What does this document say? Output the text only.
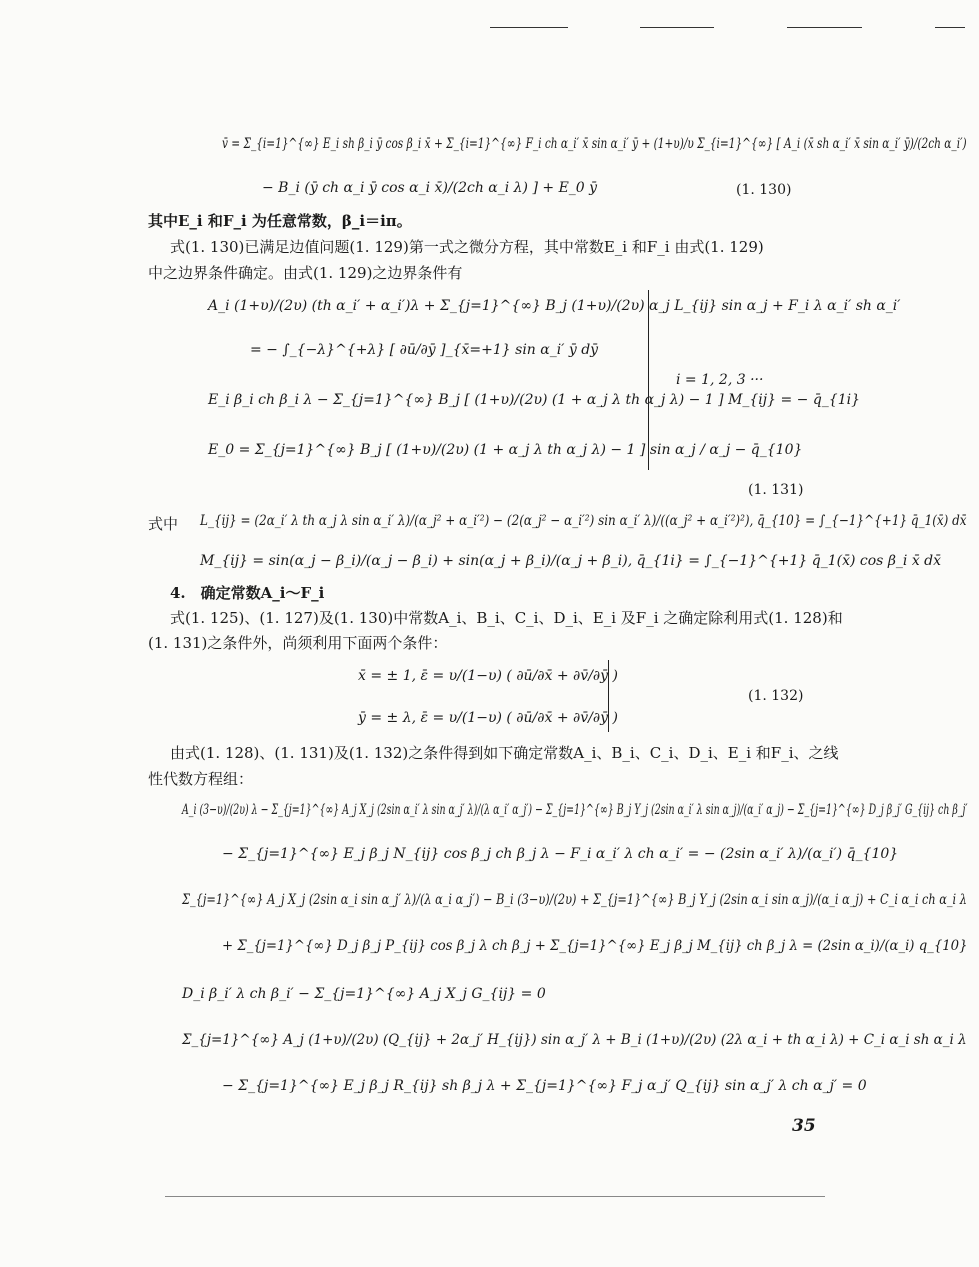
v̄ = Σ_{i=1}^{∞} E_i sh β_i ȳ cos β_i x̄ + Σ_{i=1}^{∞} F_i ch α_i′ x̄ sin α_i′ ȳ + (1+υ)/υ Σ_{i=1}^{∞} [ A_i (x̄ sh α_i′ x̄ sin α_i′ ȳ)/(2ch α_i′)
− B_i (ȳ ch α_i ȳ cos α_i x̄)/(2ch α_i λ) ] + E_0 ȳ	(1. 130)
其中E_i 和F_i 为任意常数，β_i＝iπ。
式(1. 130)已满足边值问题(1. 129)第一式之微分方程，其中常数E_i 和F_i 由式(1. 129)
中之边界条件确定。由式(1. 129)之边界条件有
A_i (1+υ)/(2υ) (th α_i′ + α_i′)λ + Σ_{j=1}^{∞} B_j (1+υ)/(2υ) α_j L_{ij} sin α_j + F_i λ α_i′ sh α_i′
= − ∫_{−λ}^{+λ} [ ∂ū/∂ȳ ]_{x̄=+1} sin α_i′ ȳ dȳ
E_i β_i ch β_i λ − Σ_{j=1}^{∞} B_j [ (1+υ)/(2υ) (1 + α_j λ th α_j λ) − 1 ] M_{ij} = − q̄_{1i}
E_0 = Σ_{j=1}^{∞} B_j [ (1+υ)/(2υ) (1 + α_j λ th α_j λ) − 1 ] sin α_j / α_j − q̄_{10}
i = 1, 2, 3 ···
(1. 131)
式中 L_{ij} = (2α_i′ λ th α_j λ sin α_i′ λ)/(α_j² + α_i′²) − (2(α_j² − α_i′²) sin α_i′ λ)/((α_j² + α_i′²)²), q̄_{10} = ∫_{−1}^{+1} q̄_1(x̄) dx̄
M_{ij} = sin(α_j − β_i)/(α_j − β_i) + sin(α_j + β_i)/(α_j + β_i), q̄_{1i} = ∫_{−1}^{+1} q̄_1(x̄) cos β_i x̄ dx̄
4.　确定常数A_i～F_i
式(1. 125)、(1. 127)及(1. 130)中常数A_i、B_i、C_i、D_i、E_i 及F_i 之确定除利用式(1. 128)和
(1. 131)之条件外，尚须利用下面两个条件：
x̄ = ± 1, ε̄ = υ/(1−υ) ( ∂ū/∂x̄ + ∂v̄/∂ȳ )
ȳ = ± λ, ε̄ = υ/(1−υ) ( ∂ū/∂x̄ + ∂v̄/∂ȳ )
(1. 132)
由式(1. 128)、(1. 131)及(1. 132)之条件得到如下确定常数A_i、B_i、C_i、D_i、E_i 和F_i、之线
性代数方程组：
A_i (3−υ)/(2υ) λ − Σ_{j=1}^{∞} A_j X_j (2sin α_i′ λ sin α_j′ λ)/(λ α_i′ α_j′) − Σ_{j=1}^{∞} B_j Y_j (2sin α_i′ λ sin α_j)/(α_i′ α_j) − Σ_{j=1}^{∞} D_j β_j′ G_{ij} ch β_j′
− Σ_{j=1}^{∞} E_j β_j N_{ij} cos β_j ch β_j λ − F_i α_i′ λ ch α_i′ = − (2sin α_i′ λ)/(α_i′) q̄_{10}
Σ_{j=1}^{∞} A_j X_j (2sin α_i sin α_j′ λ)/(λ α_i α_j′) − B_i (3−υ)/(2υ) + Σ_{j=1}^{∞} B_j Y_j (2sin α_i sin α_j)/(α_i α_j) + C_i α_i ch α_i λ
+ Σ_{j=1}^{∞} D_j β_j P_{ij} cos β_j λ ch β_j + Σ_{j=1}^{∞} E_j β_j M_{ij} ch β_j λ = (2sin α_i)/(α_i) q_{10}
D_i β_i′ λ ch β_i′ − Σ_{j=1}^{∞} A_j X_j G_{ij} = 0
Σ_{j=1}^{∞} A_j (1+υ)/(2υ) (Q_{ij} + 2α_j′ H_{ij}) sin α_j′ λ + B_i (1+υ)/(2υ) (2λ α_i + th α_i λ) + C_i α_i sh α_i λ
− Σ_{j=1}^{∞} E_j β_j R_{ij} sh β_j λ + Σ_{j=1}^{∞} F_j α_j′ Q_{ij} sin α_j′ λ ch α_j′ = 0
35
